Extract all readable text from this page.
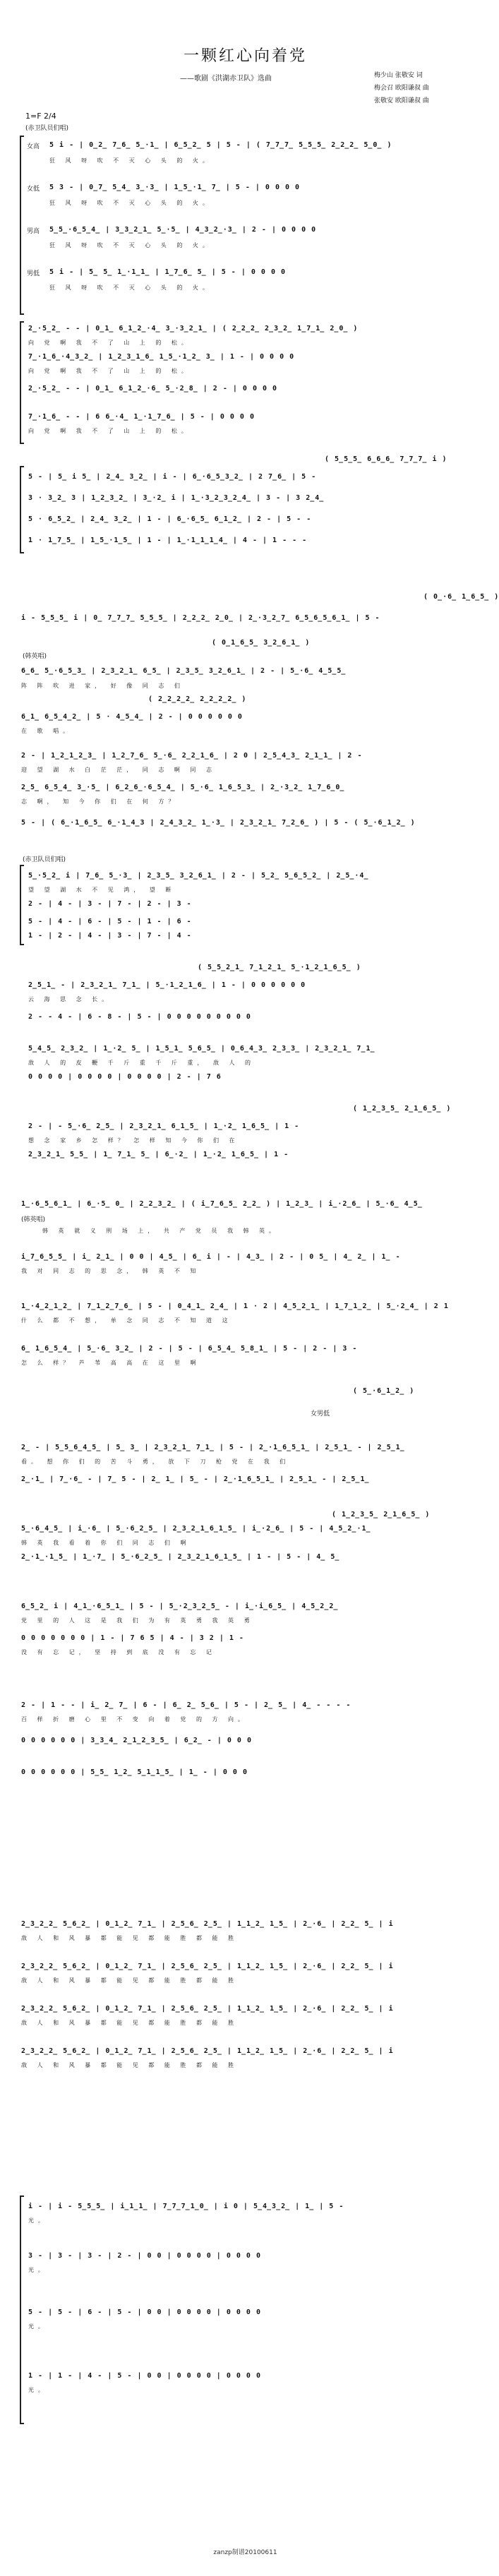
一颗红心向着党
——歌剧《洪湖赤卫队》选曲	梅少山 张敬安 词
梅会召 欧阳谦叔 曲
张敬安 欧阳谦叔 曲
1=F 2/4
(赤卫队员们唱)
女高
女低
男高
男低
5 i - | 0̲2̲ 7̲6̲ 5̲·1̲ | 6̲5̲2̲ 5 | 5 - | ( 7̲7̲7̲ 5̲5̲5̲ 2̲2̲2̲ 5̲0̲ )
狂 风 呀 吹 不 灭 心 头 的 火。
5 3 - | 0̲7̲ 5̲4̲ 3̲·3̲ | 1̲5̲·1̲ 7̲ | 5 - | 0 0 0 0
狂 风 呀 吹 不 灭 心 头 的 火。
5̲5̲·6̲5̲4̲ | 3̲3̲2̲1̲ 5̲·5̲ | 4̲3̲2̲·3̲ | 2 - | 0 0 0 0
狂 风 呀 吹 不 灭 心 头 的 火。
5 i - | 5̲ 5̲ 1̲·1̲1̲ | 1̲7̲6̲ 5̲ | 5 - | 0 0 0 0
狂 风 呀 吹 不 灭 心 头 的 火。
2̲·5̲2̲ - - | 0̲1̲ 6̲1̲2̲·4̲ 3̲·3̲2̲1̲ | ( 2̲2̲2̲ 2̲3̲2̲ 1̲7̲1̲ 2̲0̲ )
向 党 啊 我 不 了 山 上 的 松。
7̲·1̲6̲·4̲3̲2̲ | 1̲2̲3̲1̲6̲ 1̲5̲·1̲2̲ 3̲ | 1 - | 0 0 0 0
向 党 啊 我 不 了 山 上 的 松。
2̲·5̲2̲ - - | 0̲1̲ 6̲1̲2̲·6̲ 5̲·2̲8̲ | 2 - | 0 0 0 0
7̲·1̲6̲ - - | 6 6̲·4̲ 1̲·1̲7̲6̲ | 5 - | 0 0 0 0
向 党 啊 我 不 了 山 上 的 松。
( 5̲5̲5̲ 6̲6̲6̲ 7̲7̲7̲ i )
5 - | 5̲ i 5̲ | 2̲4̲ 3̲2̲ | i - | 6̲·6̲5̲3̲2̲ | 2 7̲6̲ | 5 -
3 · 3̲2̲ 3 | 1̲2̲3̲2̲ | 3̲·2̲ i | 1̲·3̲2̲3̲2̲4̲ | 3 - | 3 2̲4̲
5 · 6̲5̲2̲ | 2̲4̲ 3̲2̲ | 1 - | 6̲·6̲5̲ 6̲1̲2̲ | 2 - | 5 - -
1 · 1̲7̲5̲ | 1̲5̲·1̲5̲ | 1 - | 1̲·1̲1̲1̲4̲ | 4 - | 1 - - -
( 0̲·6̲ 1̲6̲5̲ )
i - 5̲5̲5̲ i | 0̲ 7̲7̲7̲ 5̲5̲5̲ | 2̲2̲2̲ 2̲0̲ | 2̲·3̲2̲7̲ 6̲5̲6̲5̲6̲1̲ | 5 -
( 0̲1̲6̲5̲ 3̲2̲6̲1̲ )
(韩英唱)
6̲6̲ 5̲·6̲5̲3̲ | 2̲3̲2̲1̲ 6̲5̲ | 2̲3̲5̲ 3̲2̲6̲1̲ | 2 - | 5̲·6̲ 4̲5̲5̲
阵 阵 吹 进 家， 好 像 同 志 们
( 2̲2̲2̲2̲ 2̲2̲2̲2̲ )
6̲1̲ 6̲5̲4̲2̲ | 5 · 4̲5̲4̲ | 2 - | 0 0 0 0 0 0
在 歌 唱。
2 - | 1̲2̲1̲2̲3̲ | 1̲2̲7̲6̲ 5̲·6̲ 2̲2̲1̲6̲ | 2 0 | 2̲5̲4̲3̲ 2̲1̲1̲ | 2 -
迎 望 湖 水 白 茫 茫， 同 志 啊 同 志
2̲5̲ 6̲5̲4̲ 3̲·5̲ | 6̲2̲6̲·6̲5̲4̲ | 5̲·6̲ 1̲6̲5̲3̲ | 2̲·3̲2̲ 1̲7̲6̲0̲
志 啊， 知 今 你 们 在 何 方？
5 - | ( 6̲·1̲6̲5̲ 6̲·1̲4̲3 | 2̲4̲3̲2̲ 1̲·3̲ | 2̲3̲2̲1̲ 7̲2̲6̲ ) | 5 - ( 5̲·6̲1̲2̲ )
(赤卫队员们唱)
5̲·5̲2̲ i | 7̲6̲ 5̲·3̲ | 2̲3̲5̲ 3̲2̲6̲1̲ | 2 - | 5̲2̲ 5̲6̲5̲2̲ | 2̲5̲·4̲
望 望 湖 水 不 见 鸿， 望 断
2 - | 4 - | 3 - | 7 - | 2 - | 3 -
5 - | 4 - | 6 - | 5 - | 1 - | 6 -
1 - | 2 - | 4 - | 3 - | 7 - | 4 -
( 5̲5̲2̲1̲ 7̲1̲2̲1̲ 5̲·1̲2̲1̲6̲5̲ )
2̲5̲1̲ - | 2̲3̲2̲1̲ 7̲1̲ | 5̲·1̲2̲1̲6̲ | 1 - | 0 0 0 0 0 0
云 海 思 念 长。
2 - - 4 - | 6 - 8 - | 5 - | 0 0 0 0 0 0 0 0 0
5̲4̲5̲ 2̲3̲2̲ | 1̲·2̲ 5̲ | 1̲5̲1̲ 5̲6̲5̲ | 0̲6̲4̲3̲ 2̲3̲3̲ | 2̲3̲2̲1̲ 7̲1̲
敌 人 的 皮 鞭 千 斤 重 千 斤 重， 敌 人 的
0 0 0 0 | 0 0 0 0 | 0 0 0 0 | 2 - | 7 6
( 1̲2̲3̲5̲ 2̲1̲6̲5̲ )
2 - | - 5̲·6̲ 2̲5̲ | 2̲3̲2̲1̲ 6̲1̲5̲ | 1̲·2̲ 1̲6̲5̲ | 1 -
想 念 家 乡 怎 样？ 怎 样 知 今 你 们 在
2̲3̲2̲1̲ 5̲5̲ | 1̲ 7̲1̲ 5̲ | 6̲·2̲ | 1̲·2̲ 1̲6̲5̲ | 1 -
1̲·6̲5̲6̲1̲ | 6̲·5̲ 0̲ | 2̲2̲3̲2̲ | ( i̲7̲6̲5̲ 2̲2̲ ) | 1̲2̲3̲ | i̲·2̲6̲ | 5̲·6̲ 4̲5̲
(韩英唱)
韩 英 就 义 刑 场 上， 共 产 党 员 我 韩 英。
i̲7̲6̲5̲5̲ | i̲ 2̲1̲ | 0 0 | 4̲5̲ | 6̲ i | - | 4̲3̲ | 2 - | 0 5̲ | 4̲ 2̲ | 1̲ -
我 对 同 志 的 思 念， 韩 英 不 知
1̲·4̲2̲1̲2̲ | 7̲1̲2̲7̲6̲ | 5 - | 0̲4̲1̲ 2̲4̲ | 1 · 2 | 4̲5̲2̲1̲ | 1̲7̲1̲2̲ | 5̲·2̲4̲ | 2 1
什 么 都 不 想， 单 念 同 志 不 知 道 这
6̲ 1̲6̲5̲4̲ | 5̲·6̲ 3̲2̲ | 2 - | 5 - | 6̲5̲4̲ 5̲8̲1̲ | 5 - | 2 - | 3 -
怎 么 样？ 芦 苇 高 高 在 这 里 啊
女男低
( 5̲·6̲1̲2̲ )
2̲ - | 5̲5̲6̲4̲5̲ | 5̲ 3̲ | 2̲3̲2̲1̲ 7̲1̲ | 5 - | 2̲·1̲6̲5̲1̲ | 2̲5̲1̲ - | 2̲5̲1̲
看。 想 你 们 的 苦 斗 勇， 放 下 刀 枪 党 在 我 们
2̲·1̲ | 7̲·6̲ - | 7̲ 5 - | 2̲ 1̲ | 5̲ - | 2̲·1̲6̲5̲1̲ | 2̲5̲1̲ - | 2̲5̲1̲
5̲·6̲4̲5̲ | i̲·6̲ | 5̲·6̲2̲5̲ | 2̲3̲2̲1̲6̲1̲5̲ | i̲·2̲6̲ | 5 - | 4̲5̲2̲·1̲
韩 英 我 看 着 你 们 同 志 们 啊
2̲·1̲·1̲5̲ | 1̲·7̲ | 5̲·6̲2̲5̲ | 2̲3̲2̲1̲6̲1̲5̲ | 1 - | 5 - | 4̲ 5̲
( 1̲2̲3̲5̲ 2̲1̲6̲5̲ )
6̲5̲2̲ i | 4̲1̲·6̲5̲1̲ | 5 - | 5̲·2̲3̲2̲5̲ - | i̲·i̲6̲5̲ | 4̲5̲2̲2̲
党 里 的 人 这 是 我 们 为 有 英 勇 我 英 勇
0 0 0 0 0 0 0 | 1 - | 7 6 5 | 4 - | 3 2 | 1 -
没 有 忘 记， 坚 持 到 底 没 有 忘 记
2 - | 1 - - | i̲ 2̲ 7̲ | 6 - | 6̲ 2̲ 5̲6̲ | 5 - | 2̲ 5̲ | 4̲ - - - -
百 样 折 磨 心 里 不 变 向 着 党 的 方 向。
0 0 0 0 0 0 | 3̲3̲4̲ 2̲1̲2̲3̲5̲ | 6̲2̲ - | 0 0 0
0 0 0 0 0 0 | 5̲5̲ 1̲2̲ 5̲1̲1̲5̲ | 1̲ - | 0 0 0
2̲3̲2̲2̲ 5̲6̲2̲ | 0̲1̲2̲ 7̲1̲ | 2̲5̲6̲ 2̲5̲ | 1̲1̲2̲ 1̲5̲ | 2̲·6̲ | 2̲2̲ 5̲ | i
敌 人 和 风 暴 都 能 见 都 能 胜 都 能 胜
2̲3̲2̲2̲ 5̲6̲2̲ | 0̲1̲2̲ 7̲1̲ | 2̲5̲6̲ 2̲5̲ | 1̲1̲2̲ 1̲5̲ | 2̲·6̲ | 2̲2̲ 5̲ | i
敌 人 和 风 暴 都 能 见 都 能 胜 都 能 胜
2̲3̲2̲2̲ 5̲6̲2̲ | 0̲1̲2̲ 7̲1̲ | 2̲5̲6̲ 2̲5̲ | 1̲1̲2̲ 1̲5̲ | 2̲·6̲ | 2̲2̲ 5̲ | i
敌 人 和 风 暴 都 能 见 都 能 胜 都 能 胜
2̲3̲2̲2̲ 5̲6̲2̲ | 0̲1̲2̲ 7̲1̲ | 2̲5̲6̲ 2̲5̲ | 1̲1̲2̲ 1̲5̲ | 2̲·6̲ | 2̲2̲ 5̲ | i
敌 人 和 风 暴 都 能 见 都 能 胜 都 能 胜
i - | i - 5̲5̲5̲ | i̲1̲1̲ | 7̲7̲7̲1̲0̲ | i 0 | 5̲4̲3̲2̲ | 1̲ | 5 -
光。
3 - | 3 - | 3 - | 2 - | 0 0 | 0 0 0 0 | 0 0 0 0
光。
5 - | 5 - | 6 - | 5 - | 0 0 | 0 0 0 0 | 0 0 0 0
光。
1 - | 1 - | 4 - | 5 - | 0 0 | 0 0 0 0 | 0 0 0 0
光。
zanzp制谱20100611
